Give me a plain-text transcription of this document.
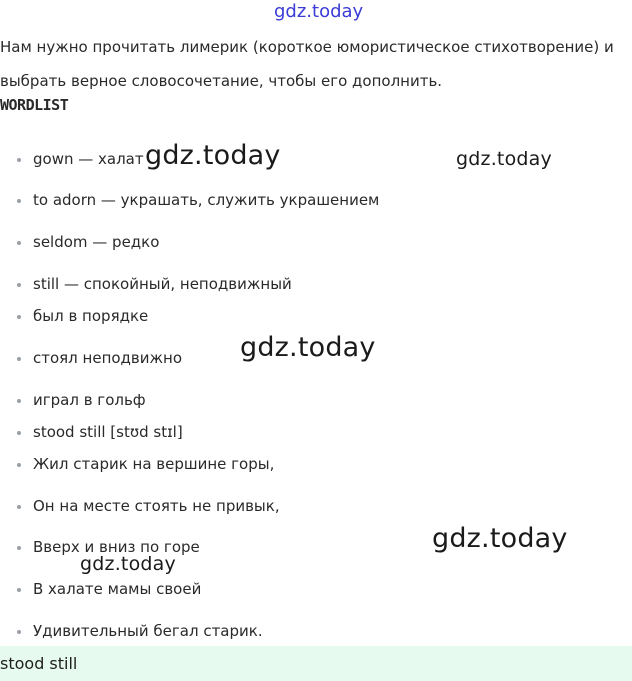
gdz.today

Нам нужно прочитать лимерик (короткое юмористическое стихотворение) и выбрать верное словосочетание, чтобы его дополнить.

WORDLIST
gown — халат
to adorn — украшать, служить украшением
seldom — редко
still — спокойный, неподвижный
был в порядке
стоял неподвижно
играл в гольф
stood still [stʊd stɪl]
Жил старик на вершине горы,
Он на месте стоять не привык,
Вверх и вниз по горе
В халате мамы своей
Удивительный бегал старик.
gdz.today	gdz.today
gdz.today
gdz.today
gdz.today
stood still
